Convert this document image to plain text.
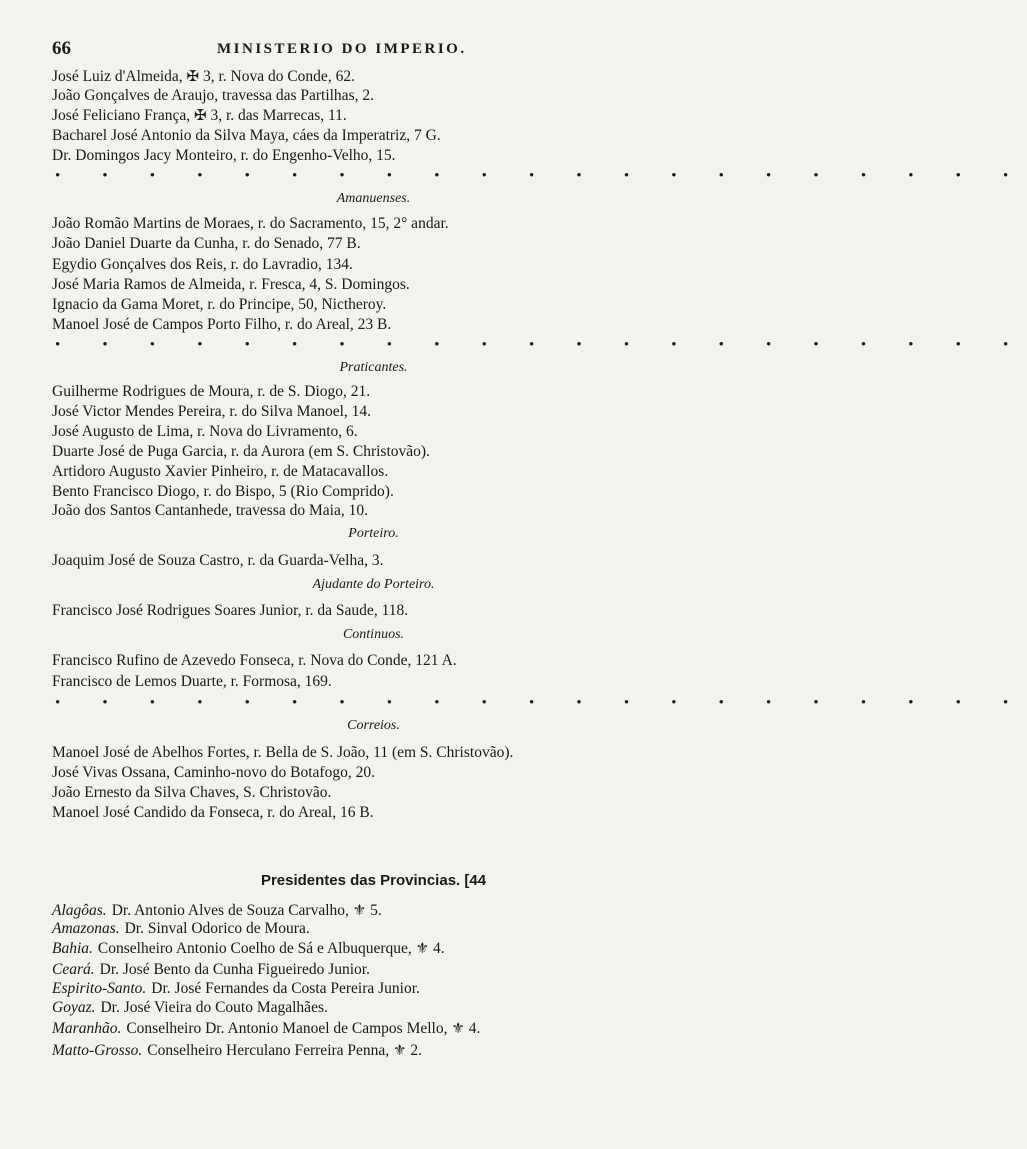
66	MINISTERIO DO IMPERIO.
José Luiz d'Almeida, ✠ 3, r. Nova do Conde, 62.
João Gonçalves de Araujo, travessa das Partilhas, 2.
José Feliciano França, ✠ 3, r. das Marrecas, 11.
Bacharel José Antonio da Silva Maya, cáes da Imperatriz, 7 G.
Dr. Domingos Jacy Monteiro, r. do Engenho-Velho, 15.
• • • • • • • • • • • • • • • • • • • • •
Amanuenses.
João Romão Martins de Moraes, r. do Sacramento, 15, 2° andar.
João Daniel Duarte da Cunha, r. do Senado, 77 B.
Egydio Gonçalves dos Reis, r. do Lavradio, 134.
José Maria Ramos de Almeida, r. Fresca, 4, S. Domingos.
Ignacio da Gama Moret, r. do Principe, 50, Nictheroy.
Manoel José de Campos Porto Filho, r. do Areal, 23 B.
• • • • • • • • • • • • • • • • • • • • •
Praticantes.
Guilherme Rodrigues de Moura, r. de S. Diogo, 21.
José Victor Mendes Pereira, r. do Silva Manoel, 14.
José Augusto de Lima, r. Nova do Livramento, 6.
Duarte José de Puga Garcia, r. da Aurora (em S. Christovão).
Artidoro Augusto Xavier Pinheiro, r. de Matacavallos.
Bento Francisco Diogo, r. do Bispo, 5 (Rio Comprido).
João dos Santos Cantanhede, travessa do Maia, 10.
Porteiro.
Joaquim José de Souza Castro, r. da Guarda-Velha, 3.
Ajudante do Porteiro.
Francisco José Rodrigues Soares Junior, r. da Saude, 118.
Continuos.
Francisco Rufino de Azevedo Fonseca, r. Nova do Conde, 121 A.
Francisco de Lemos Duarte, r. Formosa, 169.
• • • • • • • • • • • • • • • • • • • • •
Correios.
Manoel José de Abelhos Fortes, r. Bella de S. João, 11 (em S. Christovão).
José Vivas Ossana, Caminho-novo do Botafogo, 20.
João Ernesto da Silva Chaves, S. Christovão.
Manoel José Candido da Fonseca, r. do Areal, 16 B.
Presidentes das Provincias. [44
Alagôas. Dr. Antonio Alves de Souza Carvalho, ⚜ 5.
Amazonas. Dr. Sinval Odorico de Moura.
Bahia. Conselheiro Antonio Coelho de Sá e Albuquerque, ⚜ 4.
Ceará. Dr. José Bento da Cunha Figueiredo Junior.
Espirito-Santo. Dr. José Fernandes da Costa Pereira Junior.
Goyaz. Dr. José Vieira do Couto Magalhães.
Maranhão. Conselheiro Dr. Antonio Manoel de Campos Mello, ⚜ 4.
Matto-Grosso. Conselheiro Herculano Ferreira Penna, ⚜ 2.
